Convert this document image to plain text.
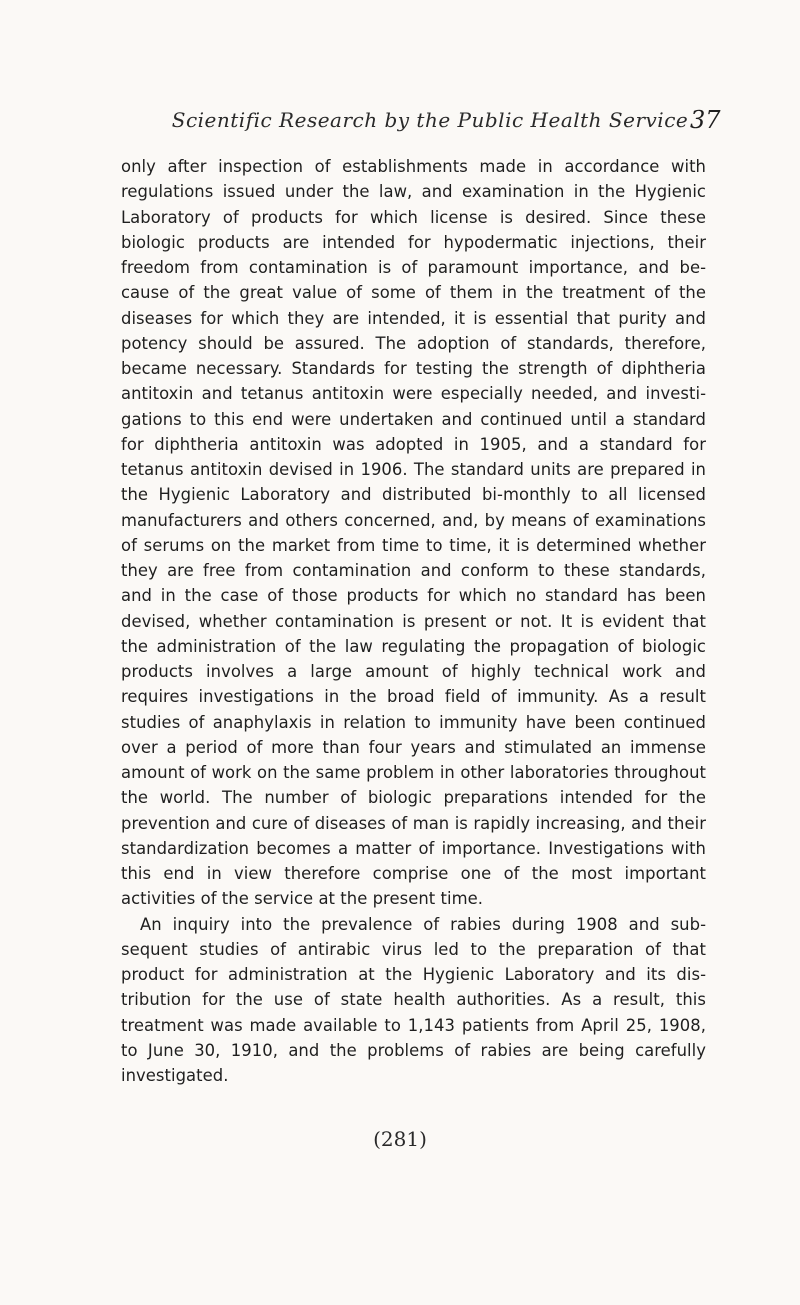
Scientific Research by the Public Health Service 37

only after inspection of establishments made in accordance with regulations issued under the law, and examination in the Hygienic Laboratory of products for which license is desired. Since these biologic products are intended for hypodermatic injections, their freedom from contamination is of paramount importance, and because of the great value of some of them in the treatment of the diseases for which they are intended, it is essential that purity and potency should be assured. The adoption of standards, therefore, became necessary. Standards for testing the strength of diphtheria antitoxin and tetanus antitoxin were especially needed, and investigations to this end were undertaken and continued until a standard for diphtheria antitoxin was adopted in 1905, and a standard for tetanus antitoxin devised in 1906. The standard units are prepared in the Hygienic Laboratory and distributed bi-monthly to all licensed manufacturers and others concerned, and, by means of examinations of serums on the market from time to time, it is determined whether they are free from contamination and conform to these standards, and in the case of those products for which no standard has been devised, whether contamination is present or not. It is evident that the administration of the law regulating the propagation of biologic products involves a large amount of highly technical work and requires investigations in the broad field of immunity. As a result studies of anaphylaxis in relation to immunity have been continued over a period of more than four years and stimulated an immense amount of work on the same problem in other laboratories throughout the world. The number of biologic preparations intended for the prevention and cure of diseases of man is rapidly increasing, and their standardization becomes a matter of importance. Investigations with this end in view therefore comprise one of the most important activities of the service at the present time.

An inquiry into the prevalence of rabies during 1908 and subsequent studies of antirabic virus led to the preparation of that product for administration at the Hygienic Laboratory and its distribution for the use of state health authorities. As a result, this treatment was made available to 1,143 patients from April 25, 1908, to June 30, 1910, and the problems of rabies are being carefully investigated.

(281)
